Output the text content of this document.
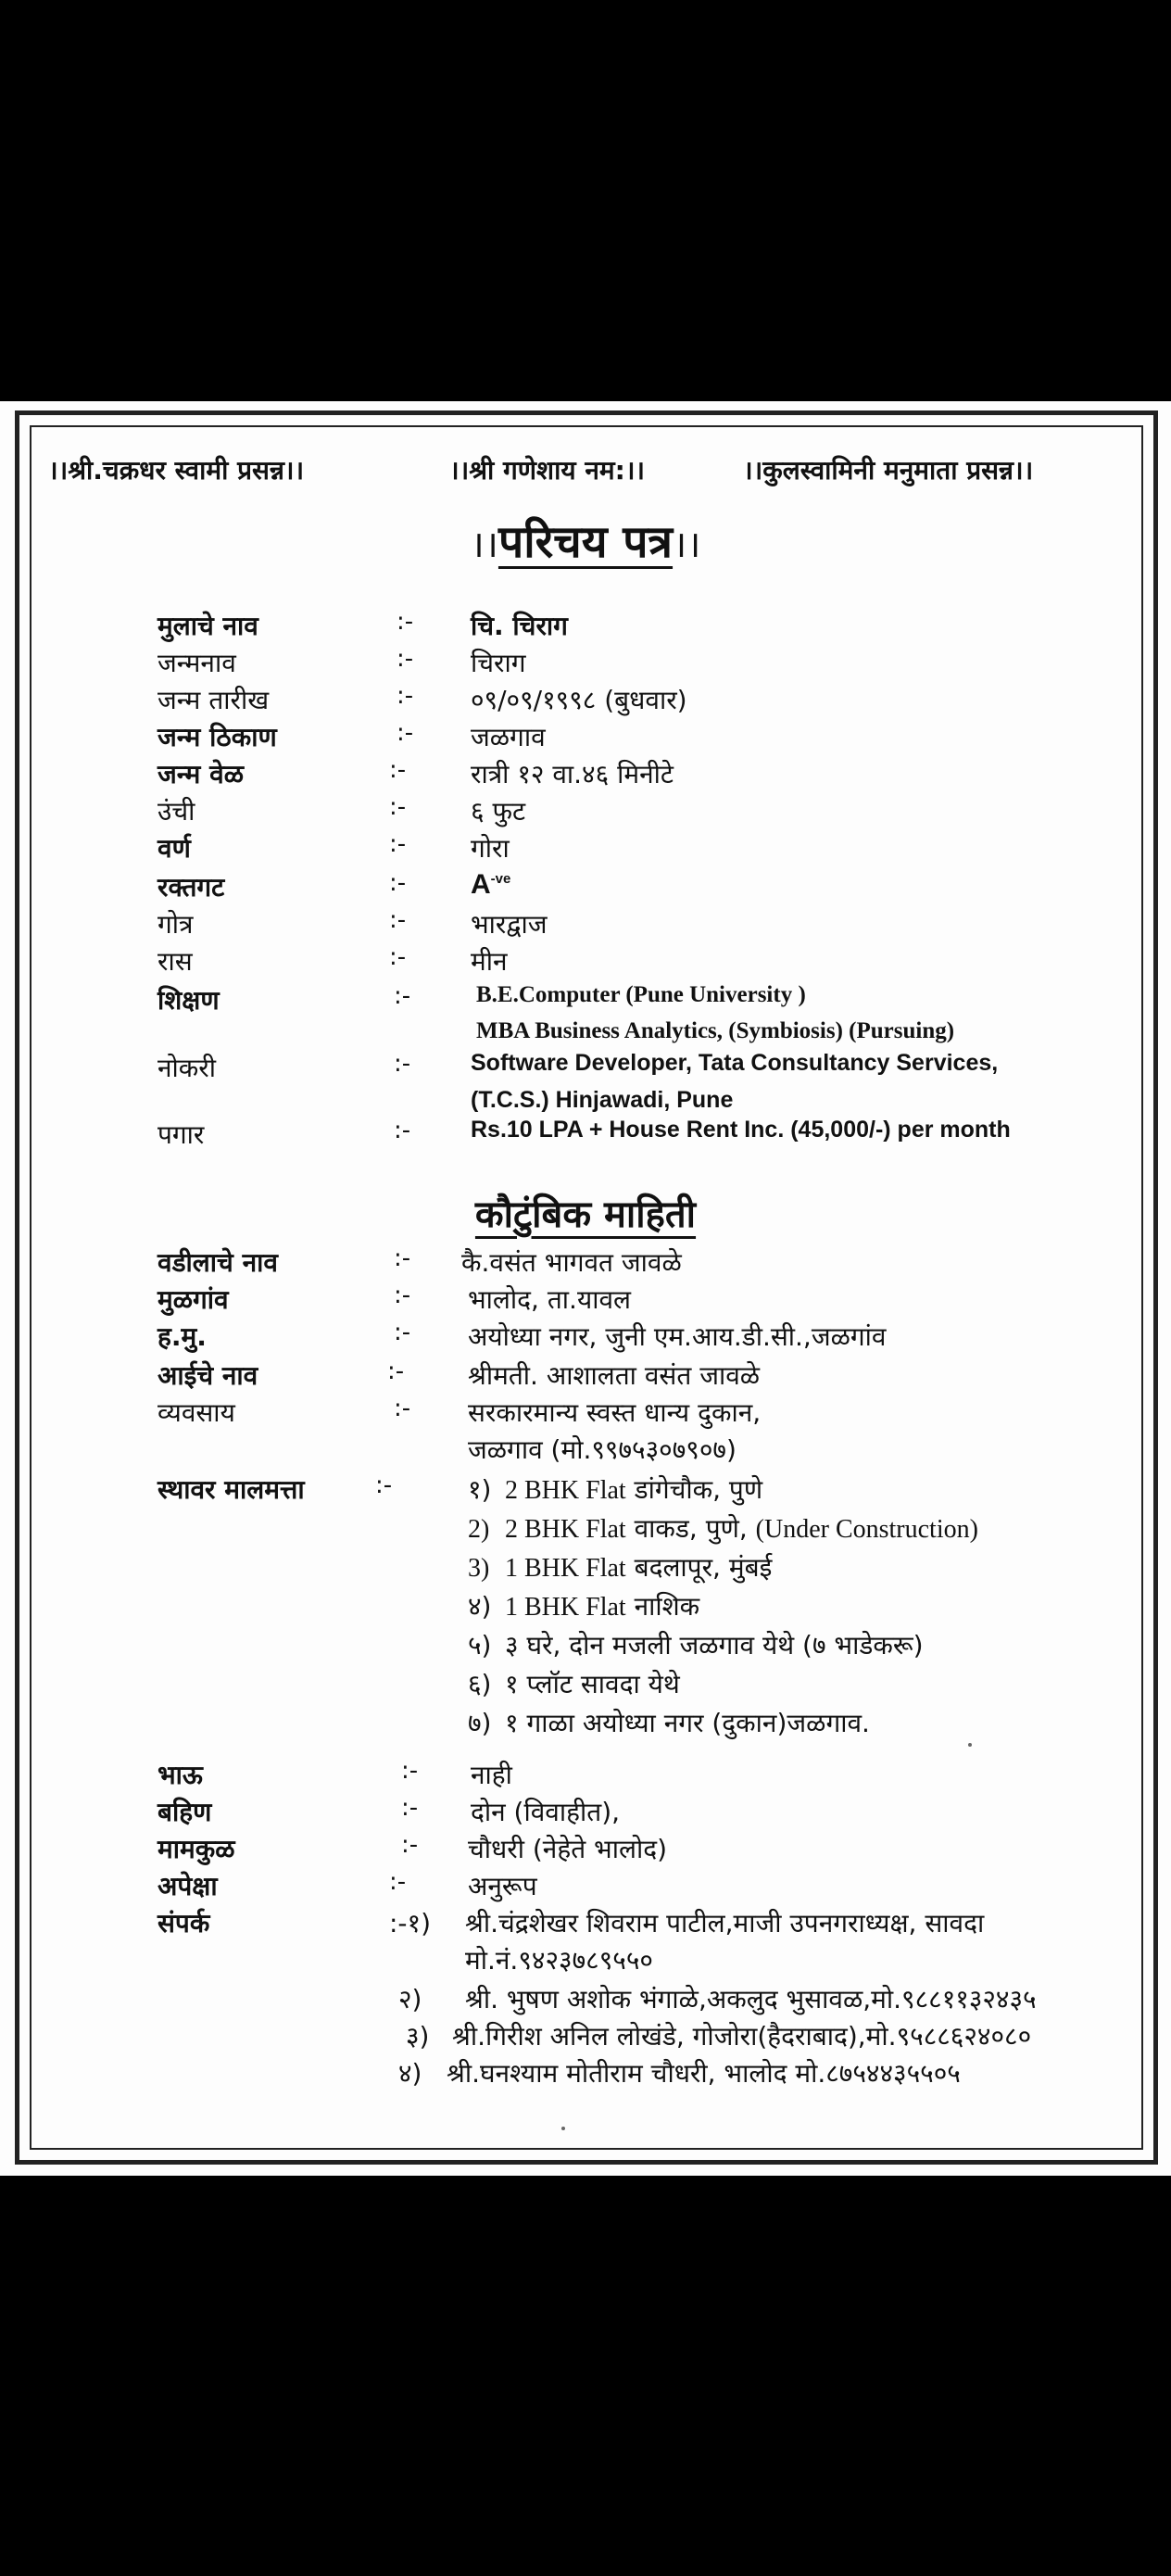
।।श्री.चक्रधर स्वामी प्रसन्न।।	।।श्री गणेशाय नम:।।	।।कुलस्वामिनी मनुमाता प्रसन्न।।
।।परिचय पत्र।।
मुलाचे नाव	:- चि. चिराग
जन्मनाव	:- चिराग
जन्म तारीख	:- ०९/०९/१९९८ (बुधवार)
जन्म ठिकाण	:- जळगाव
जन्म वेळ	:- रात्री १२ वा.४६ मिनीटे
उंची	:- ६ फुट
वर्ण	:- गोरा
रक्तगट	:- $A^{-ve}$
गोत्र	:- भारद्वाज
रास	:- मीन
शिक्षण	:-	B.E.Computer (Pune University )
MBA Business Analytics, (Symbiosis) (Pursuing)
नोकरी	:-	Software Developer, Tata Consultancy Services,
(T.C.S.) Hinjawadi, Pune
पगार	:-	Rs.10 LPA + House Rent Inc. (45,000/-) per month
कौटुंबिक माहिती
वडीलाचे नाव	:- कै.वसंत भागवत जावळे
मुळगांव	:- भालोद, ता.यावल
ह.मु.	:- अयोध्या नगर, जुनी एम.आय.डी.सी.,जळगांव
आईचे नाव	:- श्रीमती. आशालता वसंत जावळे
व्यवसाय	:- सरकारमान्य स्वस्त धान्य दुकान,
जळगाव (मो.९९७५३०७९०७)
स्थावर मालमत्ता	:-	१) 2 BHK Flat डांगेचौक, पुणे
2) 2 BHK Flat वाकड, पुणे, (Under Construction)
3) 1 BHK Flat बदलापूर, मुंबई
४) 1 BHK Flat नाशिक
५) ३ घरे, दोन मजली जळगाव येथे (७ भाडेकरू)
६) १ प्लॉट सावदा येथे
७) १ गाळा अयोध्या नगर (दुकान)जळगाव.
भाऊ	:- नाही
बहिण	:- दोन (विवाहीत),
मामकुळ	:- चौधरी (नेहेते भालोद)
अपेक्षा	:- अनुरूप
संपर्क	:-१) श्री.चंद्रशेखर शिवराम पाटील,माजी उपनगराध्यक्ष, सावदा
मो.नं.९४२३७८९५५०
२) श्री. भुषण अशोक भंगाळे,अकलुद भुसावळ,मो.९८८११३२४३५
३) श्री.गिरीश अनिल लोखंडे, गोजोरा(हैदराबाद),मो.९५८८६२४०८०
४) श्री.घनश्याम मोतीराम चौधरी, भालोद मो.८७५४४३५५०५
